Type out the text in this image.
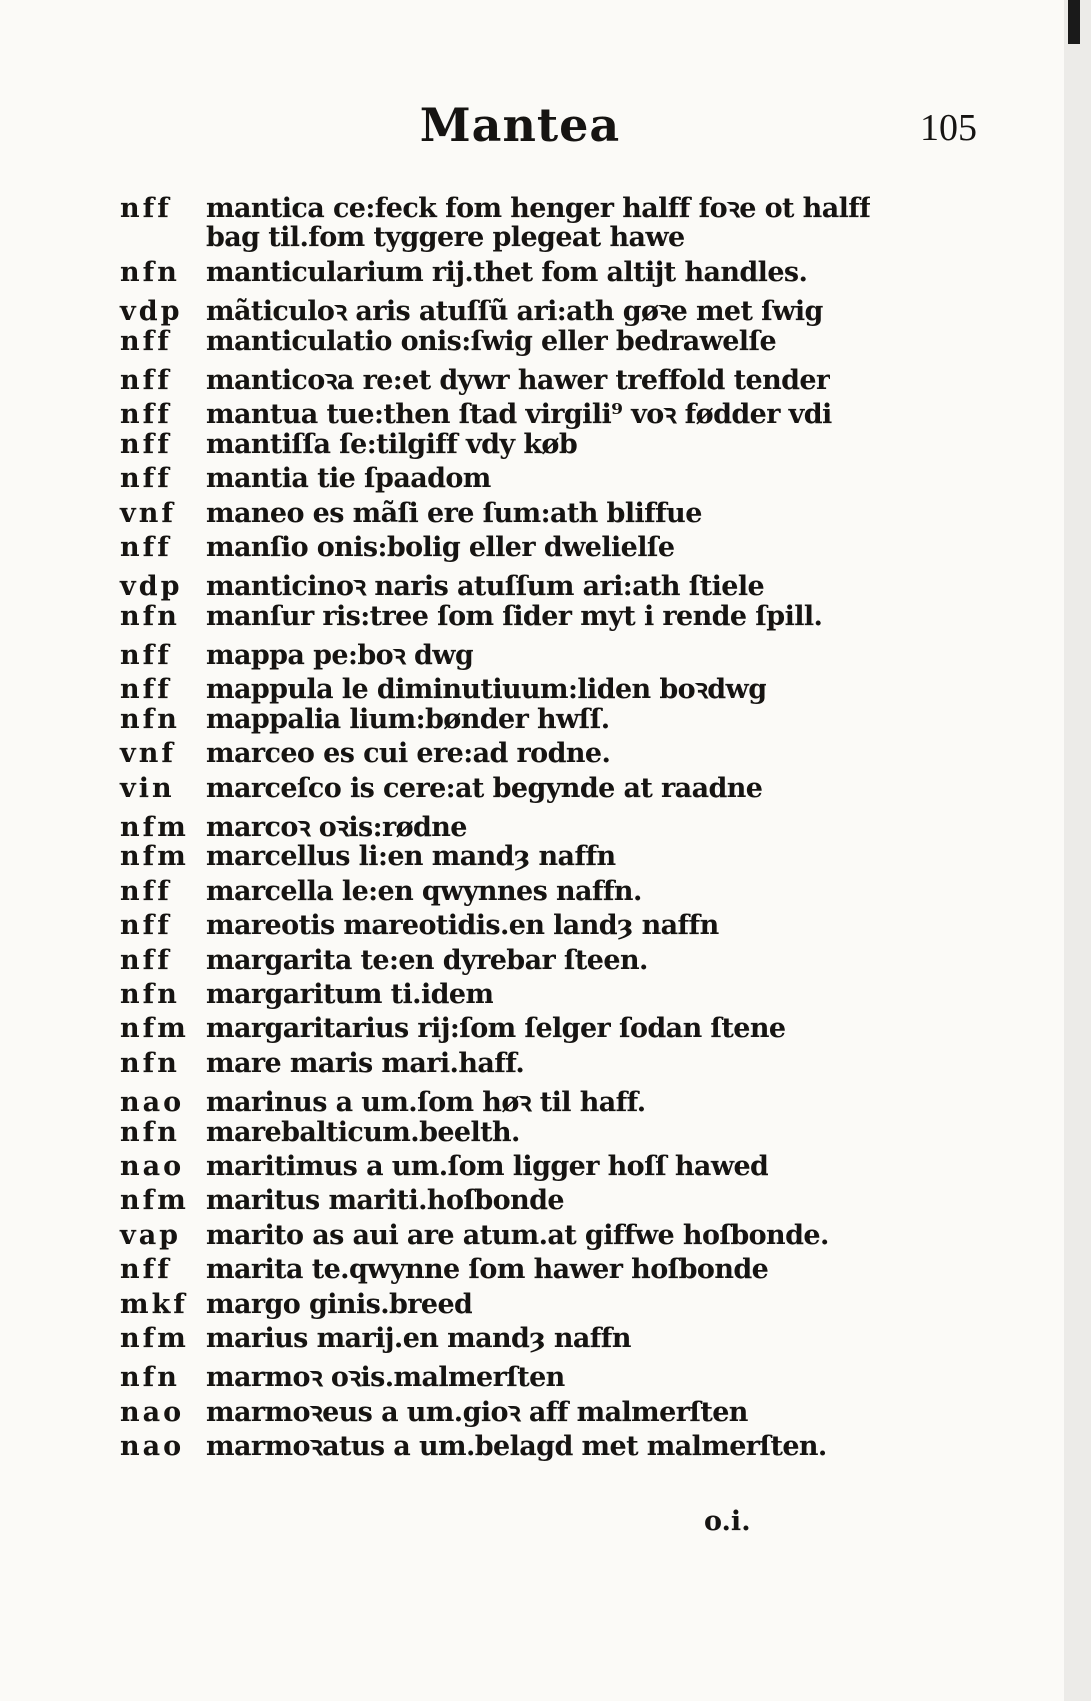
Mantea	105
nff	mantica ce:feck fom henger halff foꝛe ot halff
bag til.fom tyggere plegeat hawe
nfn manticularium rij.thet fom altijt handles.
vdp mãticuloꝛ aris atuſſũ ari:ath gøꝛe met ſwig
nff	manticulatio onis:ſwig eller bedrawelſe
nff	manticoꝛa re:et dywr hawer treffold tender
nff	mantua tue:then ſtad virgili⁹ voꝛ fødder vdi
nff	mantiſſa ſe:tilgiff vdy køb
nff	mantia tie ſpaadom
vnf	maneo es mãſi ere ſum:ath bliffue
nff	manſio onis:bolig eller dwelielſe
vdp manticinoꝛ naris atuſſum ari:ath ſtiele
nfn manſur ris:tree ſom ſider myt i rende ſpill.
nff	mappa pe:boꝛ dwg
nff	mappula le diminutiuum:liden boꝛdwg
nfn mappalia lium:bønder hwſſ.
vnf	marceo es cui ere:ad rodne.
vin	marceſco is cere:at begynde at raadne
nfm marcoꝛ oꝛis:rødne
nfm marcellus li:en mandȝ naffn
nff	marcella le:en qwynnes naffn.
nff	mareotis mareotidis.en landȝ naffn
nff	margarita te:en dyrebar ſteen.
nfn margaritum ti.idem
nfm margaritarius rij:ſom ſelger ſodan ſtene
nfn mare maris mari.haff.
nao marinus a um.ſom høꝛ til haff.
nfn marebalticum.beelth.
nao maritimus a um.ſom ligger hoſſ hawed
nfm maritus mariti.hoſbonde
vap marito as aui are atum.at giffwe hoſbonde.
nff	marita te.qwynne ſom hawer hoſbonde
mkf margo ginis.breed
nfm marius marij.en mandȝ naffn
nfn marmoꝛ oꝛis.malmerſten
nao marmoꝛeus a um.gioꝛ aff malmerſten
nao marmoꝛatus a um.belagd met malmerſten.
o.i.
